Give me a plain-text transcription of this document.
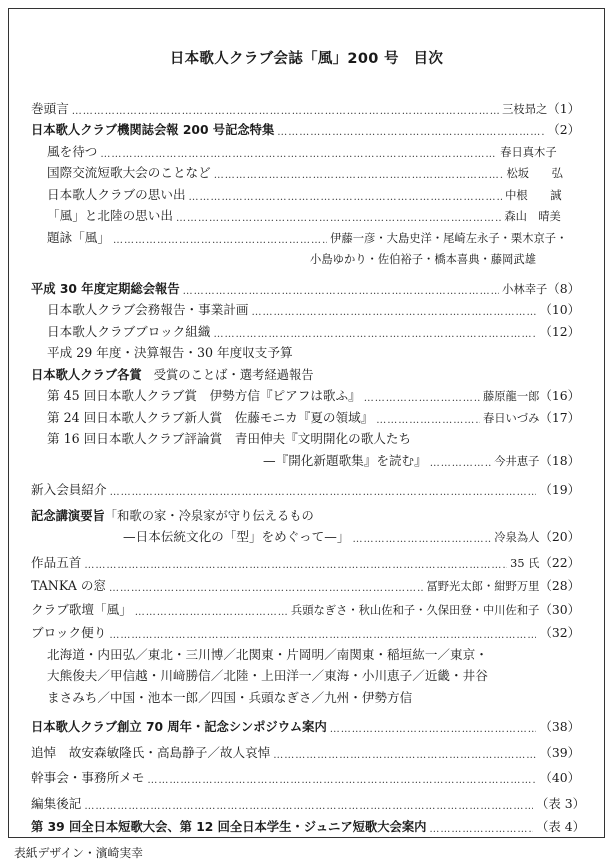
日本歌人クラブ会誌「風」200 号　目次
巻頭言 ……………………………………………………………………………………………………………………………………………………………………………………	三枝昻之 （1）
日本歌人クラブ機関誌会報 200 号記念特集 ……………………………………………………………………………………………………………………………………………………………………………………	（2）
風を待つ ……………………………………………………………………………………………………………………………………………………………………………………	春日真木子
国際交流短歌大会のことなど ……………………………………………………………………………………………………………………………………………………………………………………	松坂　　弘
日本歌人クラブの思い出 ……………………………………………………………………………………………………………………………………………………………………………………	中根　　誠
「風」と北陸の思い出 ……………………………………………………………………………………………………………………………………………………………………………………	森山　晴美
題詠「風」 ……………………………………………………………………………………………………………………………………………………………………………………	伊藤一彦・大島史洋・尾崎左永子・栗木京子・
小島ゆかり・佐伯裕子・橋本喜典・藤岡武雄
平成 30 年度定期総会報告 ……………………………………………………………………………………………………………………………………………………………………………………	小林幸子 （8）
日本歌人クラブ会務報告・事業計画 ……………………………………………………………………………………………………………………………………………………………………………………	（10）
日本歌人クラブブロック組織 ……………………………………………………………………………………………………………………………………………………………………………………	（12）
平成 29 年度・決算報告・30 年度収支予算
日本歌人クラブ各賞 受賞のことば・選考経過報告
第 45 回日本歌人クラブ賞　伊勢方信『ピアフは歌ふ』 ……………………………………………………………………………………………………………………………………………………………………………………	藤原龍一郎 （16）
第 24 回日本歌人クラブ新人賞　佐藤モニカ『夏の領域』 ……………………………………………………………………………………………………………………………………………………………………………………	春日いづみ （17）
第 16 回日本歌人クラブ評論賞　青田伸夫『文明開化の歌人たち
—『開化新題歌集』を読む』 ……………………………………………………………………………………………………………………………………………………………………………………	今井恵子 （18）
新入会員紹介 ……………………………………………………………………………………………………………………………………………………………………………………	（19）
記念講演要旨 「和歌の家・冷泉家が守り伝えるもの
—日本伝統文化の「型」をめぐって—」 ……………………………………………………………………………………………………………………………………………………………………………………	冷泉為人 （20）
作品五首 ……………………………………………………………………………………………………………………………………………………………………………………	35 氏 （22）
TANKA の窓 ……………………………………………………………………………………………………………………………………………………………………………………	冨野光太郎・紺野万里 （28）
クラブ歌壇「風」 ……………………………………………………………………………………………………………………………………………………………………………………	兵頭なぎさ・秋山佐和子・久保田登・中川佐和子 （30）
ブロック便り ……………………………………………………………………………………………………………………………………………………………………………………	（32）
北海道・内田弘／東北・三川博／北関東・片岡明／南関東・稲垣紘一／東京・
大熊俊夫／甲信越・川﨑勝信／北陸・上田洋一／東海・小川恵子／近畿・井谷
まさみち／中国・池本一郎／四国・兵頭なぎさ／九州・伊勢方信
日本歌人クラブ創立 70 周年・記念シンポジウム案内 ……………………………………………………………………………………………………………………………………………………………………………………	（38）
追悼　故安森敏隆氏・高島静子／故人哀悼 ……………………………………………………………………………………………………………………………………………………………………………………	（39）
幹事会・事務所メモ ……………………………………………………………………………………………………………………………………………………………………………………	（40）
編集後記 ……………………………………………………………………………………………………………………………………………………………………………………	（表 3）
第 39 回全日本短歌大会、第 12 回全日本学生・ジュニア短歌大会案内 ……………………………………………………………………………………………………………………………………………………………………………………	（表 4）
表紙デザイン・濱崎実幸
